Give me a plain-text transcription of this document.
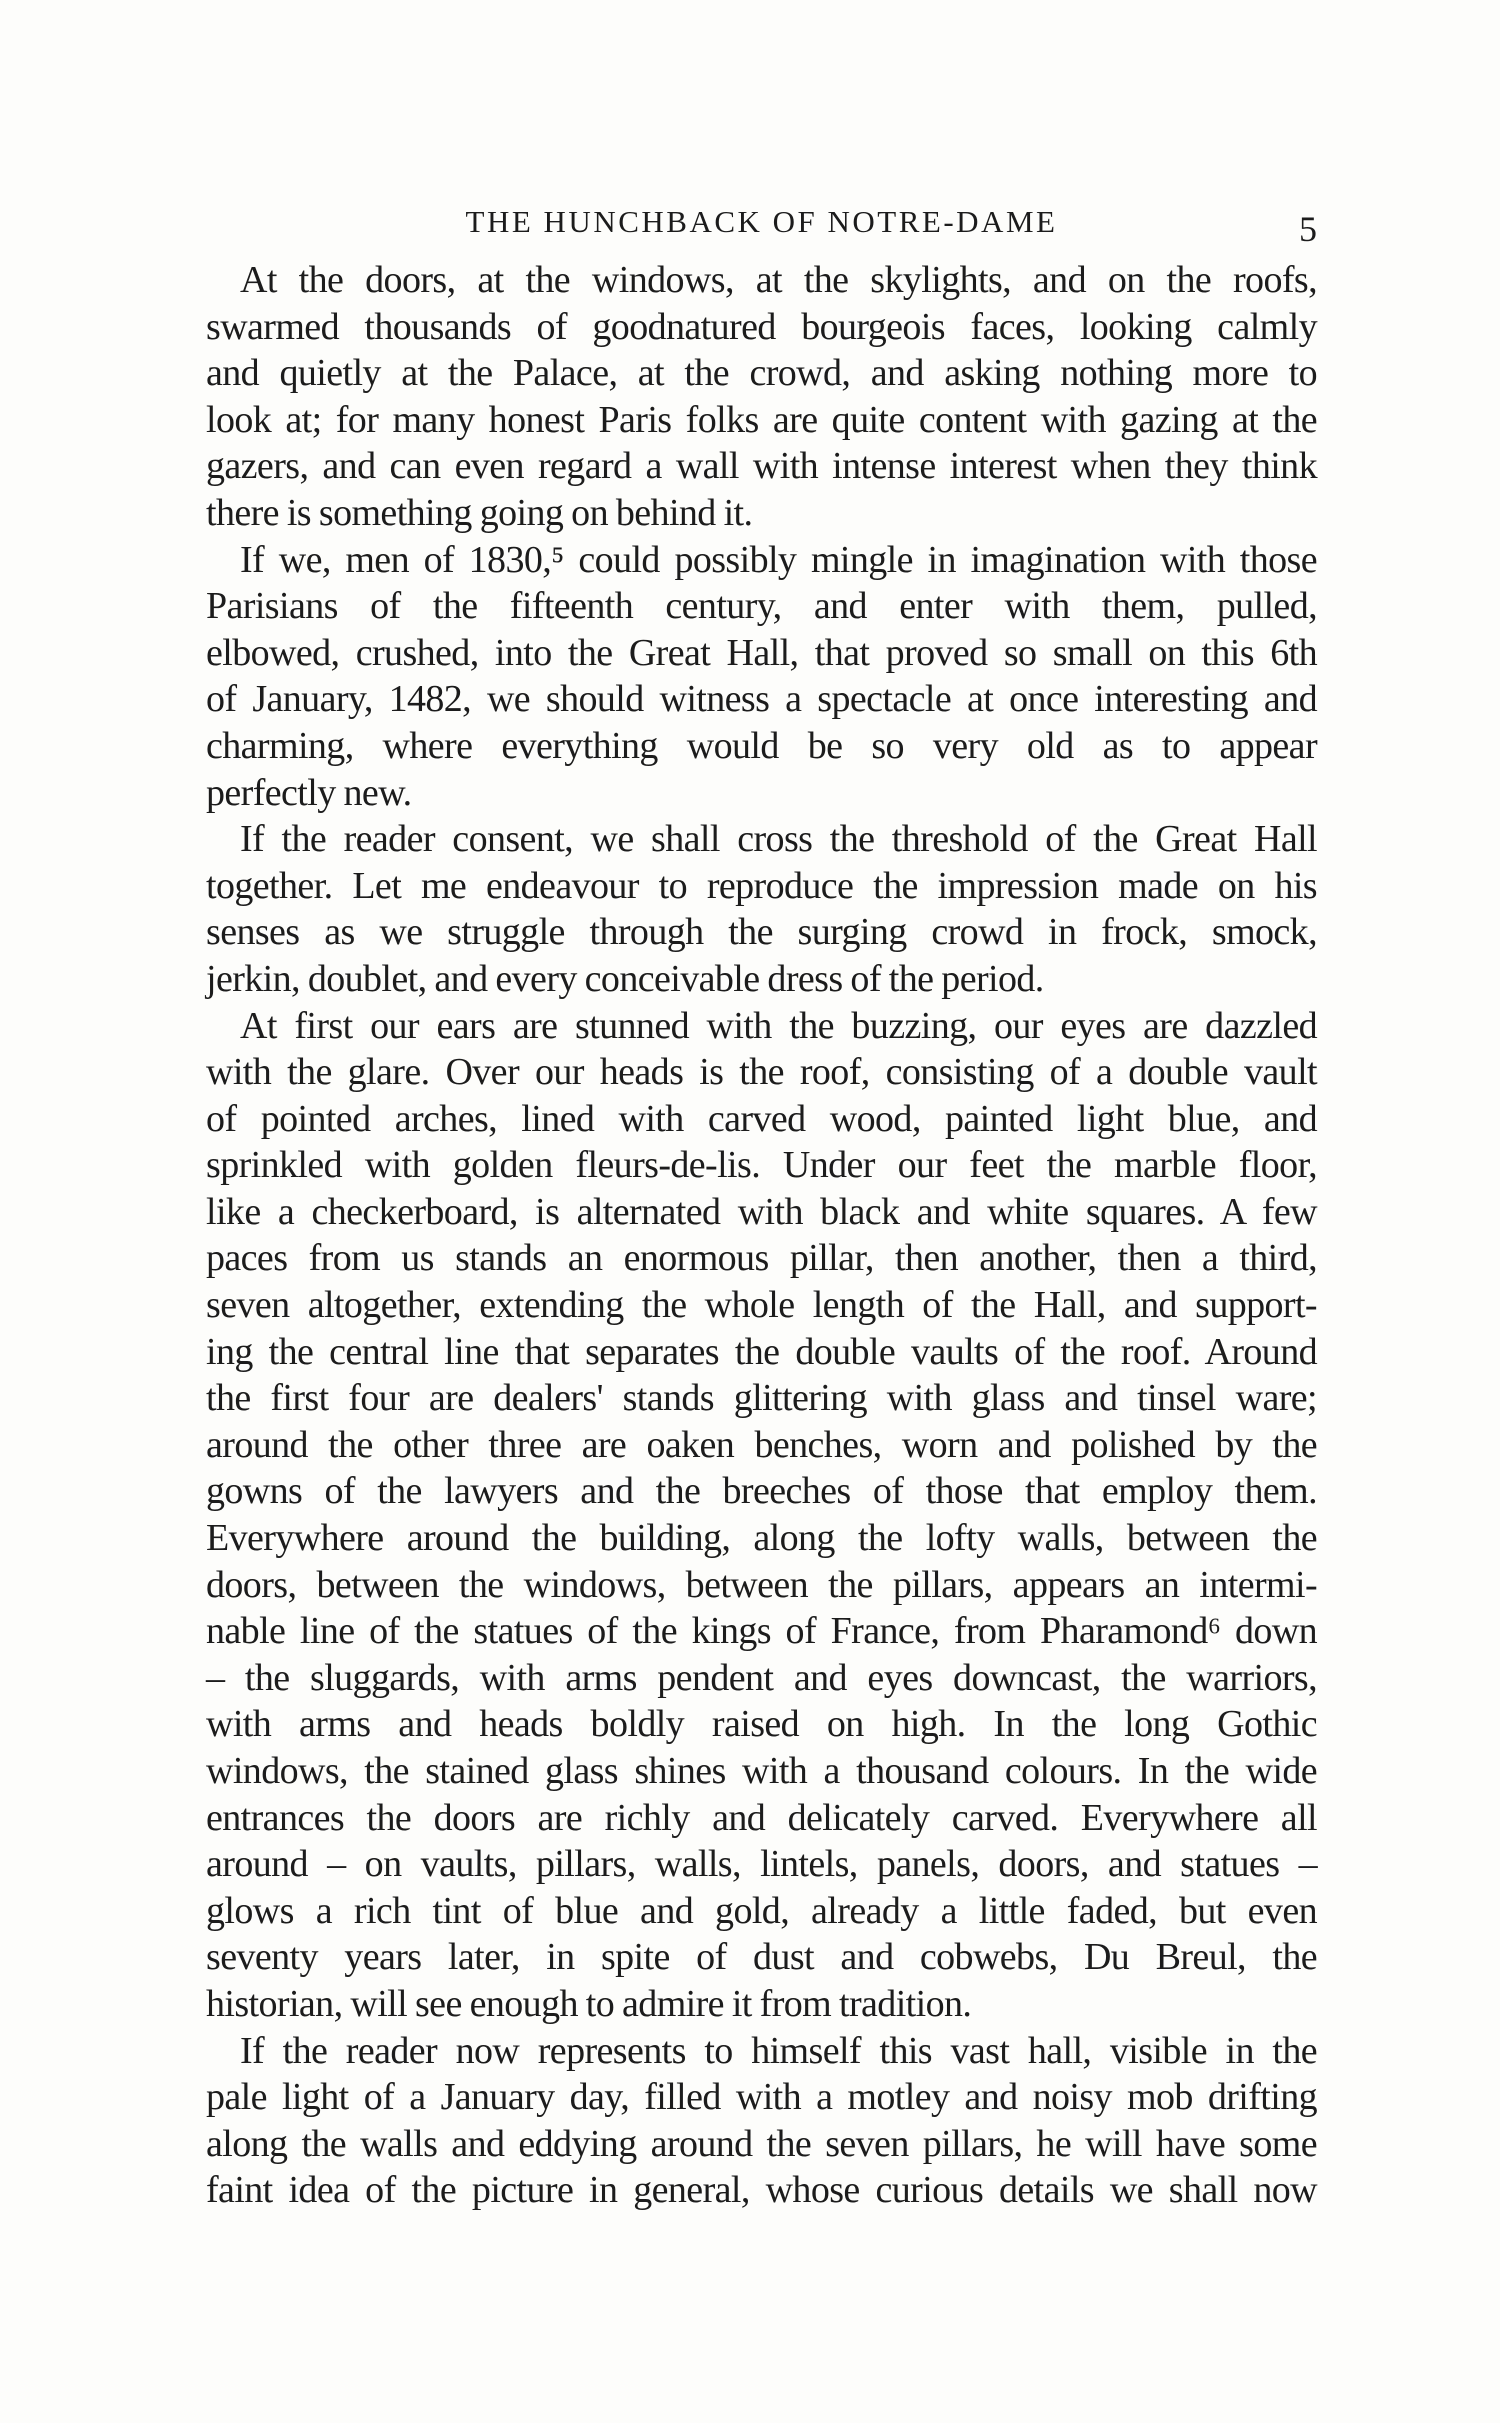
THE HUNCHBACK OF NOTRE-DAME	5
At the doors, at the windows, at the skylights, and on the roofs,
swarmed thousands of goodnatured bourgeois faces, looking calmly
and quietly at the Palace, at the crowd, and asking nothing more to
look at; for many honest Paris folks are quite content with gazing at the
gazers, and can even regard a wall with intense interest when they think
there is something going on behind it.
If we, men of 1830,⁵ could possibly mingle in imagination with those
Parisians of the fifteenth century, and enter with them, pulled,
elbowed, crushed, into the Great Hall, that proved so small on this 6th
of January, 1482, we should witness a spectacle at once interesting and
charming, where everything would be so very old as to appear
perfectly new.
If the reader consent, we shall cross the threshold of the Great Hall
together. Let me endeavour to reproduce the impression made on his
senses as we struggle through the surging crowd in frock, smock,
jerkin, doublet, and every conceivable dress of the period.
At first our ears are stunned with the buzzing, our eyes are dazzled
with the glare. Over our heads is the roof, consisting of a double vault
of pointed arches, lined with carved wood, painted light blue, and
sprinkled with golden fleurs-de-lis. Under our feet the marble floor,
like a checkerboard, is alternated with black and white squares. A few
paces from us stands an enormous pillar, then another, then a third,
seven altogether, extending the whole length of the Hall, and support-
ing the central line that separates the double vaults of the roof. Around
the first four are dealers' stands glittering with glass and tinsel ware;
around the other three are oaken benches, worn and polished by the
gowns of the lawyers and the breeches of those that employ them.
Everywhere around the building, along the lofty walls, between the
doors, between the windows, between the pillars, appears an intermi-
nable line of the statues of the kings of France, from Pharamond⁶ down
– the sluggards, with arms pendent and eyes downcast, the warriors,
with arms and heads boldly raised on high. In the long Gothic
windows, the stained glass shines with a thousand colours. In the wide
entrances the doors are richly and delicately carved. Everywhere all
around – on vaults, pillars, walls, lintels, panels, doors, and statues –
glows a rich tint of blue and gold, already a little faded, but even
seventy years later, in spite of dust and cobwebs, Du Breul, the
historian, will see enough to admire it from tradition.
If the reader now represents to himself this vast hall, visible in the
pale light of a January day, filled with a motley and noisy mob drifting
along the walls and eddying around the seven pillars, he will have some
faint idea of the picture in general, whose curious details we shall now
